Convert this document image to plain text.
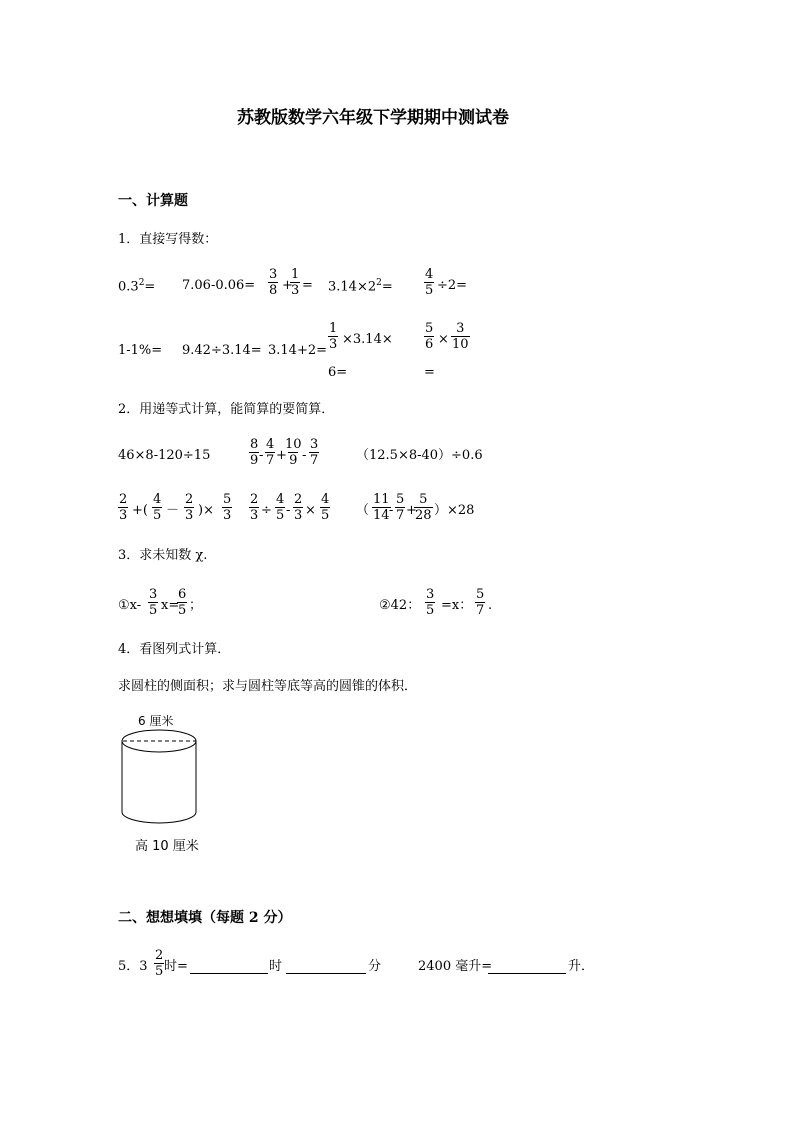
苏教版数学六年级下学期期中测试卷
一、计算题
1．直接写得数：
$0.3^2= 7.06-0.06= \frac{3}{8}$ +
$\frac{1}{3} = 3.14\times 2^2= \frac{4}{5} \div 2=$
$1-1\%= 9.42\div 3.14= 3.14+2= \frac{1}{3} \times 3.14\times$
6=
$\frac{5}{6} \times \frac{3}{10}$
=
2．用递等式计算，能简算的要简算．
46×8-120÷15	$\frac{8}{9} - \frac{4}{7}$ +
$\frac{10}{9} - \frac{3}{7}$	（12.5×8-40）÷0.6
$\frac{2}{3}$ +( $\frac{4}{5} - \frac{2}{3}$ )× $\frac{5}{3} \frac{2}{3} \div \frac{4}{5} - \frac{2}{3} \times \frac{4}{5}$ （ $\frac{11}{14}$
- $\frac{5}{7}$ +
$\frac{5}{28} )\times 28$
3．求未知数 χ.
①x- $\frac{3}{5} x=$
$\frac{6}{5}$ ；	②42： $\frac{3}{5} =x$： $\frac{5}{7}$ .
4．看图列式计算．
求圆柱的侧面积；求与圆柱等底等高的圆锥的体积．
6 厘米
高 10 厘米
二、想想填填（每题 2 分）
5．$3 \frac{2}{5}$ 时=	时	分	2400 毫升=	升．
